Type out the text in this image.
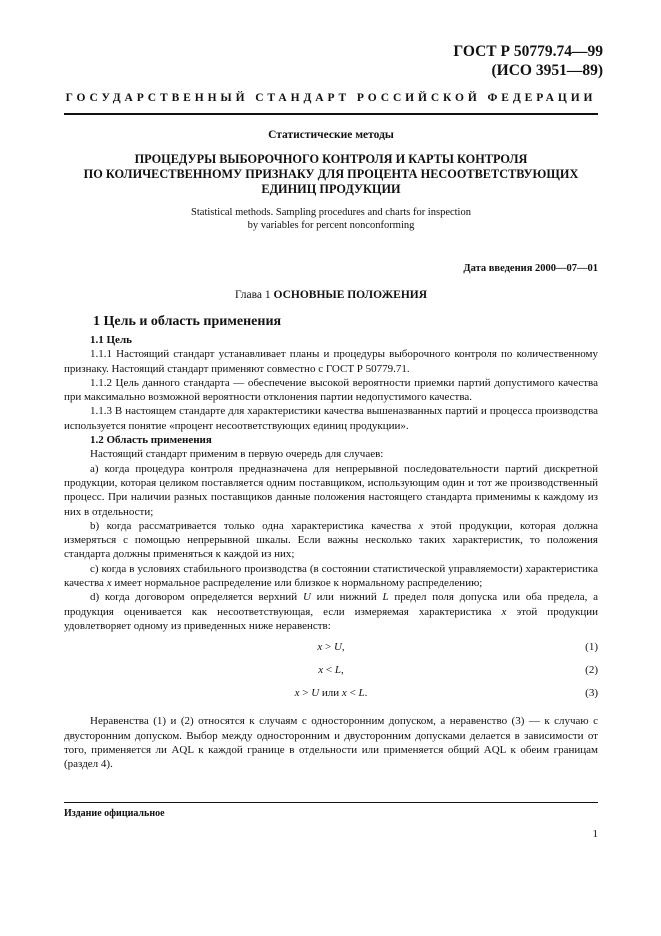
ГОСТ Р 50779.74—99
(ИСО 3951—89)
ГОСУДАРСТВЕННЫЙ СТАНДАРТ РОССИЙСКОЙ ФЕДЕРАЦИИ
Статистические методы
ПРОЦЕДУРЫ ВЫБОРОЧНОГО КОНТРОЛЯ И КАРТЫ КОНТРОЛЯ
ПО КОЛИЧЕСТВЕННОМУ ПРИЗНАКУ ДЛЯ ПРОЦЕНТА НЕСООТВЕТСТВУЮЩИХ
ЕДИНИЦ ПРОДУКЦИИ
Statistical methods. Sampling procedures and charts for inspection
by variables for percent nonconforming
Дата введения 2000—07—01
Глава 1 ОСНОВНЫЕ ПОЛОЖЕНИЯ
1 Цель и область применения

1.1 Цель

1.1.1 Настоящий стандарт устанавливает планы и процедуры выборочного контроля по количественному признаку. Настоящий стандарт применяют совместно с ГОСТ Р 50779.71.

1.1.2 Цель данного стандарта — обеспечение высокой вероятности приемки партий допустимого качества при максимально возможной вероятности отклонения партии недопустимого качества.

1.1.3 В настоящем стандарте для характеристики качества вышеназванных партий и процесса производства используется понятие «процент несоответствующих единиц продукции».

1.2 Область применения

Настоящий стандарт применим в первую очередь для случаев:

а) когда процедура контроля предназначена для непрерывной последовательности партий дискретной продукции, которая целиком поставляется одним поставщиком, использующим один и тот же производственный процесс. При наличии разных поставщиков данные положения настоящего стандарта применимы к каждому из них в отдельности;

b) когда рассматривается только одна характеристика качества x этой продукции, которая должна измеряться с помощью непрерывной шкалы. Если важны несколько таких характеристик, то положения стандарта должны применяться к каждой из них;

с) когда в условиях стабильного производства (в состоянии статистической управляемости) характеристика качества x имеет нормальное распределение или близкое к нормальному распределению;

d) когда договором определяется верхний U или нижний L предел поля допуска или оба предела, а продукция оценивается как несоответствующая, если измеряемая характеристика x этой продукции удовлетворяет одному из приведенных ниже неравенств:

x > U,	(1)
x < L,	(2)
x > U или x < L.	(3)

Неравенства (1) и (2) относятся к случаям с односторонним допуском, а неравенство (3) — к случаю с двусторонним допуском. Выбор между односторонним и двусторонним допусками делается в зависимости от того, применяется ли AQL к каждой границе в отдельности или применяется общий AQL к обеим границам (раздел 4).

Издание официальное
1
